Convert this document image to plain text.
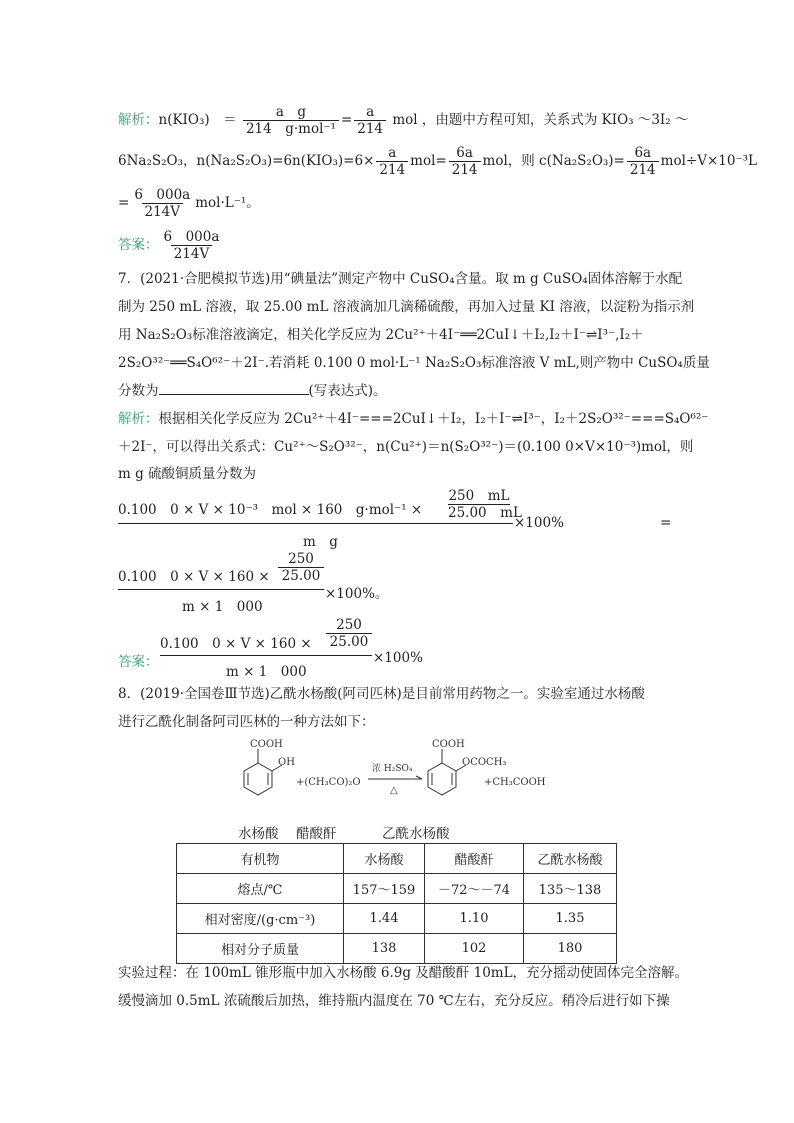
解析：n(KIO₃)　＝ $\frac{\text{a　g}}{\text{214　g·mol⁻¹}} = \frac{a}{214}$ mol ，由题中方程可知，关系式为 KIO₃ ～3I₂ ～
6Na₂S₂O₃，$n(Na_2S_2O_3)=6n(KIO_3)=6\times \frac{a}{214} mol= \frac{6a}{214}$ mol，则 $c(Na_2S_2O_3)= \frac{6a}{214} mol\div V\times 10^{-3}L$
= $\frac{6 000a}{214V} mol\cdot L^{-1}$。
答案： $\frac{6 000a}{214V}$
7．(2021·合肥模拟节选)用“碘量法”测定产物中 CuSO₄含量。取 m g CuSO₄固体溶解于水配
制为 250 mL 溶液，取 25.00 mL 溶液滴加几滴稀硫酸，再加入过量 KI 溶液，以淀粉为指示剂
用 Na₂S₂O₃标准溶液滴定，相关化学反应为 2Cu²⁺＋4I⁻══2CuI↓＋I₂,I₂＋I⁻⇌I³⁻,I₂＋
2S₂O³²⁻══S₄O⁶²⁻＋2I⁻.若消耗 0.100 0 mol·L⁻¹ Na₂S₂O₃标准溶液 V mL,则产物中 CuSO₄质量
分数为	(写表达式)。
解析：根据相关化学反应为 2Cu²⁺＋4I⁻===2CuI↓＋I₂，I₂＋I⁻⇌I³⁻，I₂＋2S₂O³²⁻===S₄O⁶²⁻
＋2I⁻，可以得出关系式：Cu²⁺～S₂O³²⁻，n(Cu²⁺)＝n(S₂O³²⁻)＝(0.100 0×V×10⁻³)mol，则
m g 硫酸铜质量分数为
0.100　0 × V × 10⁻³　mol × 160　g·mol⁻¹ ×
250　mL
25.00　mL
m　g
×100%	=
0.100　0 × V × 160 ×
250
25.00
m × 1　000
×100%。
答案：
0.100　0 × V × 160 ×
250
25.00
m × 1　000
×100%
8．(2019·全国卷Ⅲ节选)乙酰水杨酸(阿司匹林)是目前常用药物之一。实验室通过水杨酸
进行乙酰化制备阿司匹林的一种方法如下：
COOH
OH
+(CH₃CO)₂O
浓 H₂SO₄
△
COOH
OCOCH₃
+CH₃COOH
水杨酸 醋酸酐	乙酰水杨酸
有机物	水杨酸	醋酸酐	乙酰水杨酸
熔点/℃	157～159	－72～－74	135～138
相对密度/(g·cm⁻³)	1.44	1.10	1.35
相对分子质量	138	102	180
实验过程：在 100mL 锥形瓶中加入水杨酸 6.9g 及醋酸酐 10mL，充分摇动使固体完全溶解。
缓慢滴加 0.5mL 浓硫酸后加热，维持瓶内温度在 70 ℃左右，充分反应。稍冷后进行如下操
